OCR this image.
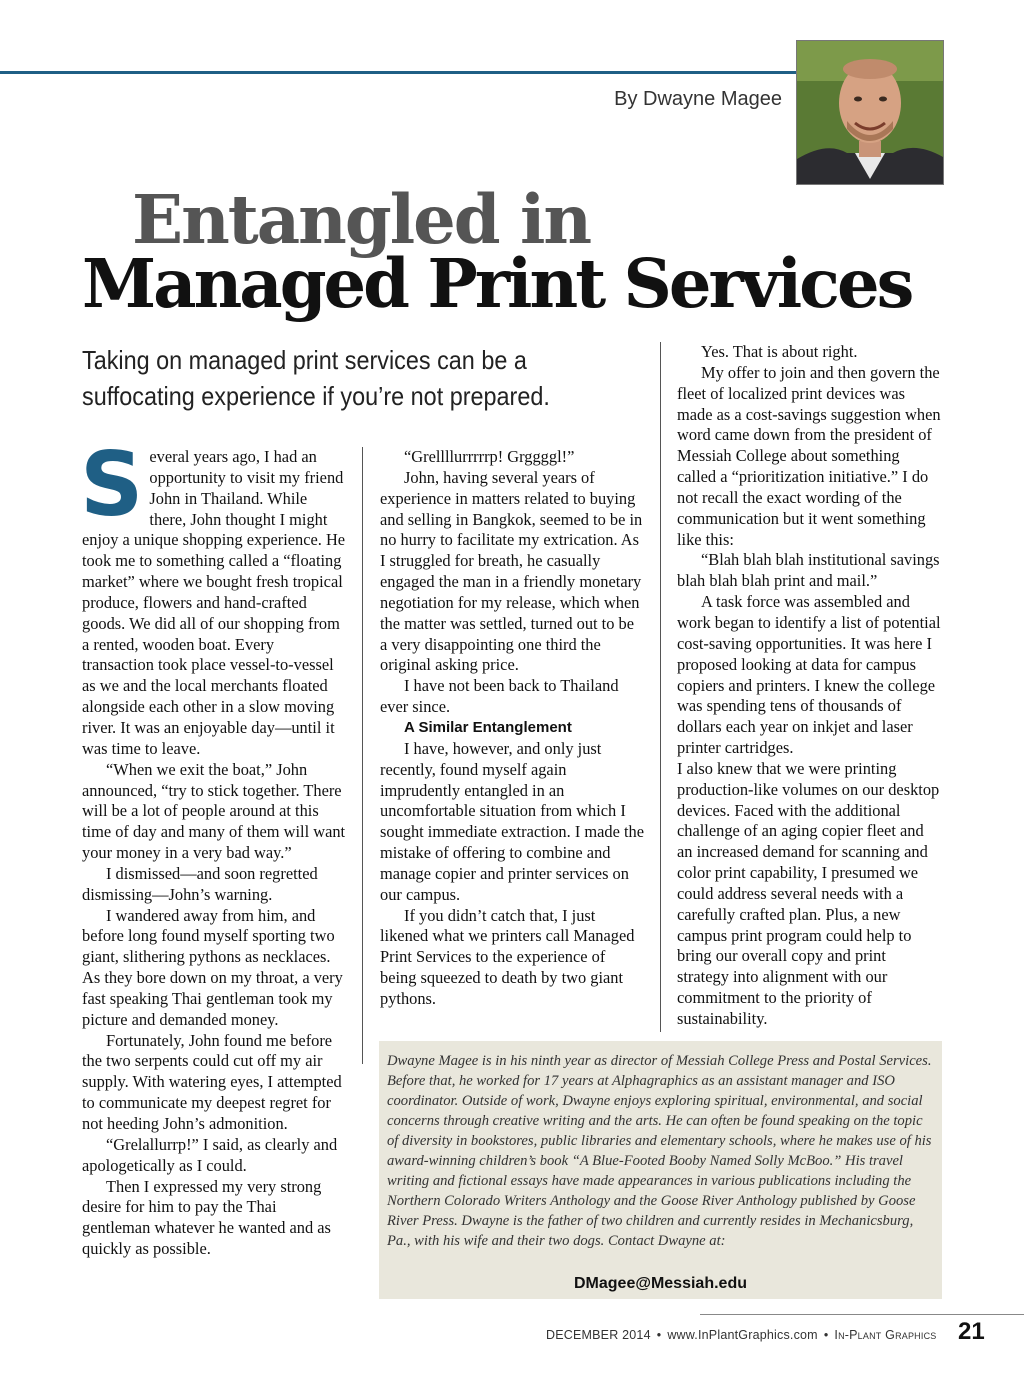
By Dwayne Magee
Entangled in
Managed Print Services
Taking on managed print services can be a suffocating experience if you’re not prepared.
S everal years ago, I had an opportunity to visit my friend John in Thailand. While there, John thought I might enjoy a unique shopping experience. He took me to something called a “floating market” where we bought fresh tropical produce, flowers and hand-crafted goods. We did all of our shopping from a rented, wooden boat. Every transaction took place vessel-to-vessel as we and the local merchants floated alongside each other in a slow moving river. It was an enjoyable day—until it was time to leave.

“When we exit the boat,” John announced, “try to stick together. There will be a lot of people around at this time of day and many of them will want your money in a very bad way.”

I dismissed—and soon regretted dismissing—John’s warning.

I wandered away from him, and before long found myself sporting two giant, slithering pythons as necklaces. As they bore down on my throat, a very fast speaking Thai gentleman took my picture and demanded money.

Fortunately, John found me before the two serpents could cut off my air supply. With watering eyes, I attempted to communicate my deepest regret for not heeding John’s admonition.

“Grelallurrp!” I said, as clearly and apologetically as I could.

Then I expressed my very strong desire for him to pay the Thai gentleman whatever he wanted and as quickly as possible.

“Grellllurrrrrp! Grggggl!”

John, having several years of experience in matters related to buying and selling in Bangkok, seemed to be in no hurry to facilitate my extrication. As I struggled for breath, he casually engaged the man in a friendly monetary negotiation for my release, which when the matter was settled, turned out to be a very disappointing one third the original asking price.

I have not been back to Thailand ever since.

A Similar Entanglement

I have, however, and only just recently, found myself again imprudently entangled in an uncomfortable situation from which I sought immediate extraction. I made the mistake of offering to combine and manage copier and printer services on our campus.

If you didn’t catch that, I just likened what we printers call Managed Print Services to the experience of being squeezed to death by two giant pythons.

Yes. That is about right.

My offer to join and then govern the fleet of localized print devices was made as a cost-savings suggestion when word came down from the president of Messiah College about something called a “prioritization initiative.” I do not recall the exact wording of the communication but it went something like this:

“Blah blah blah institutional savings blah blah blah print and mail.”

A task force was assembled and work began to identify a list of potential cost-saving opportunities. It was here I proposed looking at data for campus copiers and printers. I knew the college was spending tens of thousands of dollars each year on inkjet and laser printer cartridges.

I also knew that we were printing production-like volumes on our desktop devices. Faced with the additional challenge of an aging copier fleet and an increased demand for scanning and color print capability, I presumed we could address several needs with a carefully crafted plan. Plus, a new campus print program could help to bring our overall copy and print strategy into alignment with our commitment to the priority of sustainability.

Dwayne Magee is in his ninth year as director of Messiah College Press and Postal Services. Before that, he worked for 17 years at Alphagraphics as an assistant manager and ISO coordinator. Outside of work, Dwayne enjoys exploring spiritual, environmental, and social concerns through creative writing and the arts. He can often be found speaking on the topic of diversity in bookstores, public libraries and elementary schools, where he makes use of his award-winning children’s book “A Blue-Footed Booby Named Solly McBoo.” His travel writing and fictional essays have made appearances in various publications including the Northern Colorado Writers Anthology and the Goose River Anthology published by Goose River Press. Dwayne is the father of two children and currently resides in Mechanicsburg, Pa., with his wife and their two dogs. Contact Dwayne at:

DMagee@Messiah.edu
DECEMBER 2014 • www.InPlantGraphics.com • In-Plant Graphics 21
